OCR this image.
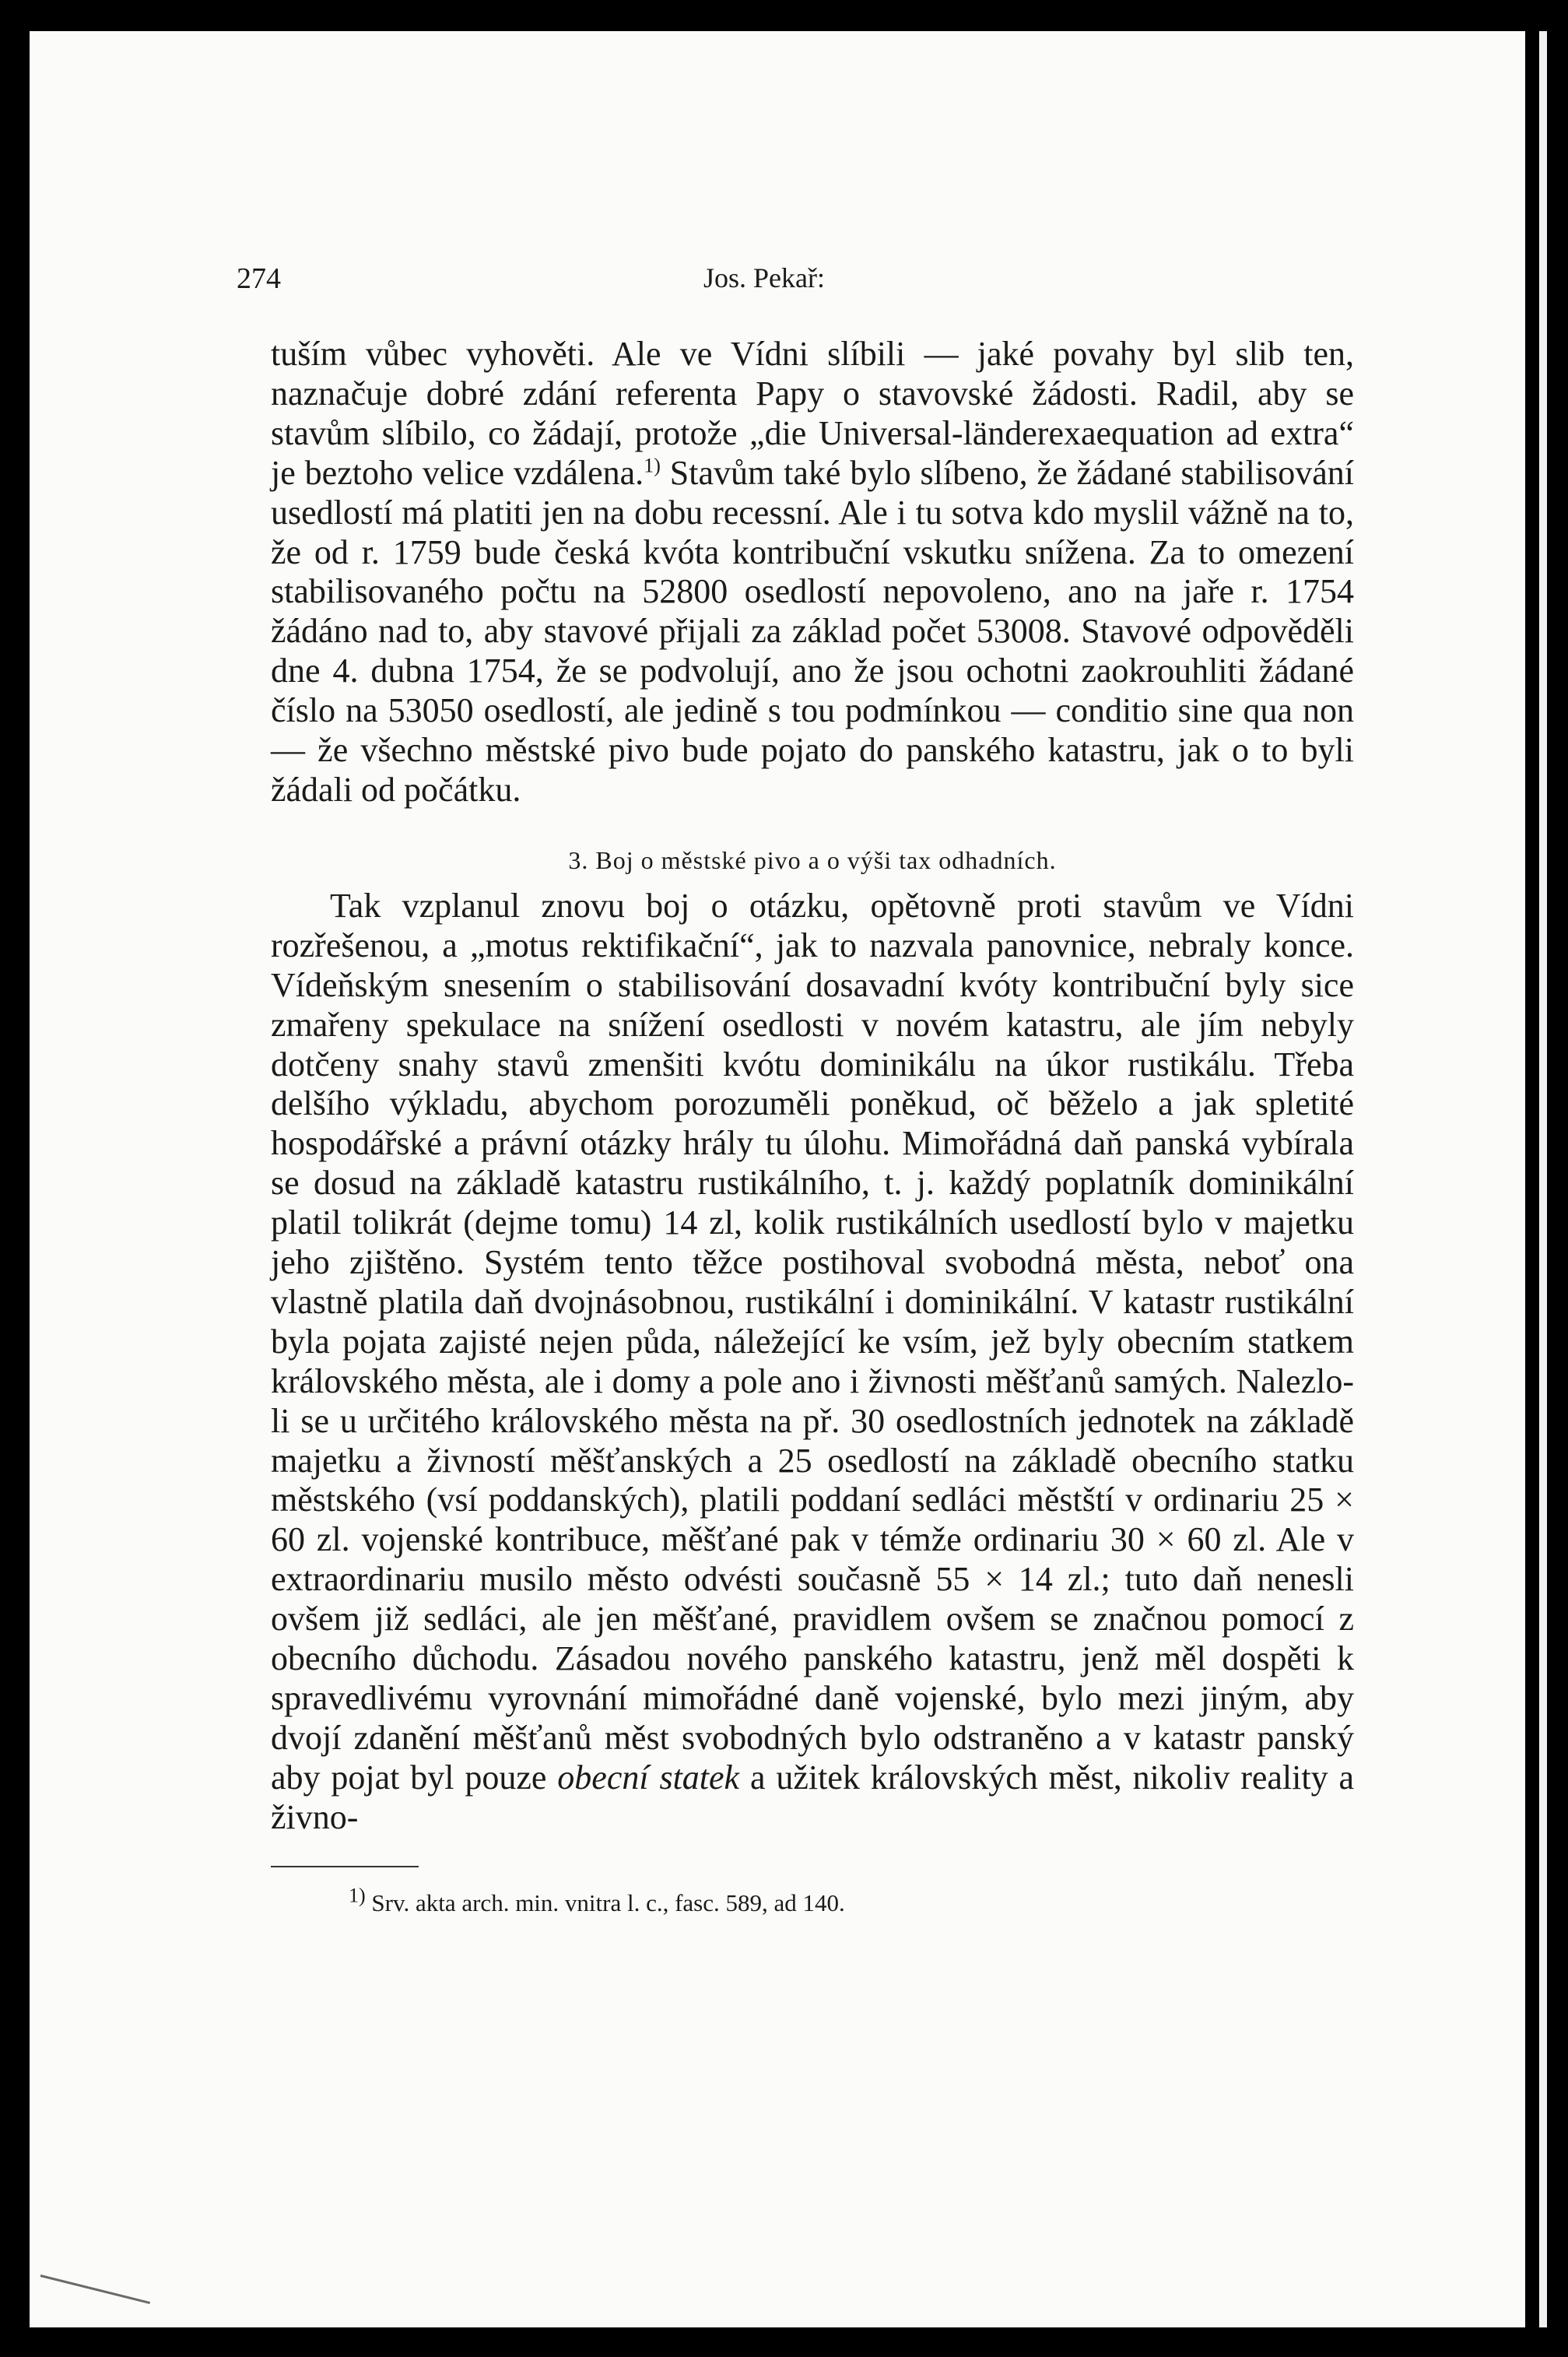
274	Jos. Pekař:

tuším vůbec vyhověti. Ale ve Vídni slíbili — jaké povahy byl slib ten, naznačuje dobré zdání referenta Papy o stavovské žádosti. Radil, aby se stavům slíbilo, co žádají, protože „die Universal-länderexaequation ad extra“ je beztoho velice vzdálena.$^{1)}$ Stavům také bylo slíbeno, že žádané stabilisování usedlostí má platiti jen na dobu recessní. Ale i tu sotva kdo myslil vážně na to, že od r. 1759 bude česká kvóta kontribuční vskutku snížena. Za to omezení stabilisovaného počtu na 52800 osedlostí nepovoleno, ano na jaře r. 1754 žádáno nad to, aby stavové přijali za základ počet 53008. Stavové odpověděli dne 4. dubna 1754, že se podvolují, ano že jsou ochotni zaokrouhliti žádané číslo na 53050 osedlostí, ale jedině s tou podmínkou — conditio sine qua non — že všechno městské pivo bude pojato do panského katastru, jak o to byli žádali od počátku.

3. Boj o městské pivo a o výši tax odhadních.

Tak vzplanul znovu boj o otázku, opětovně proti stavům ve Vídni rozřešenou, a „motus rektifikační“, jak to nazvala panovnice, nebraly konce. Vídeňským snesením o stabilisování dosavadní kvóty kontribuční byly sice zmařeny spekulace na snížení osedlosti v novém katastru, ale jím nebyly dotčeny snahy stavů zmenšiti kvótu dominikálu na úkor rustikálu. Třeba delšího výkladu, abychom porozuměli poněkud, oč běželo a jak spletité hospodářské a právní otázky hrály tu úlohu. Mimořádná daň panská vybírala se dosud na základě katastru rustikálního, t. j. každý poplatník dominikální platil tolikrát (dejme tomu) 14 zl, kolik rustikálních usedlostí bylo v majetku jeho zjištěno. Systém tento těžce postihoval svobodná města, neboť ona vlastně platila daň dvojnásobnou, rustikální i dominikální. V katastr rustikální byla pojata zajisté nejen půda, náležející ke vsím, jež byly obecním statkem královského města, ale i domy a pole ano i živnosti měšťanů samých. Nalezlo-li se u určitého královského města na př. 30 osedlostních jednotek na základě majetku a živností měšťanských a 25 osedlostí na základě obecního statku městského (vsí poddanských), platili poddaní sedláci městští v ordinariu 25 × 60 zl. vojenské kontribuce, měšťané pak v témže ordinariu 30 × 60 zl. Ale v extraordinariu musilo město odvésti současně 55 × 14 zl.; tuto daň nenesli ovšem již sedláci, ale jen měšťané, pravidlem ovšem se značnou pomocí z obecního důchodu. Zásadou nového panského katastru, jenž měl dospěti k spravedlivému vyrovnání mimořádné daně vojenské, bylo mezi jiným, aby dvojí zdanění měšťanů měst svobodných bylo odstraněno a v katastr panský aby pojat byl pouze obecní statek a užitek královských měst, nikoliv reality a živno-

$^{1)}$ Srv. akta arch. min. vnitra l. c., fasc. 589, ad 140.
